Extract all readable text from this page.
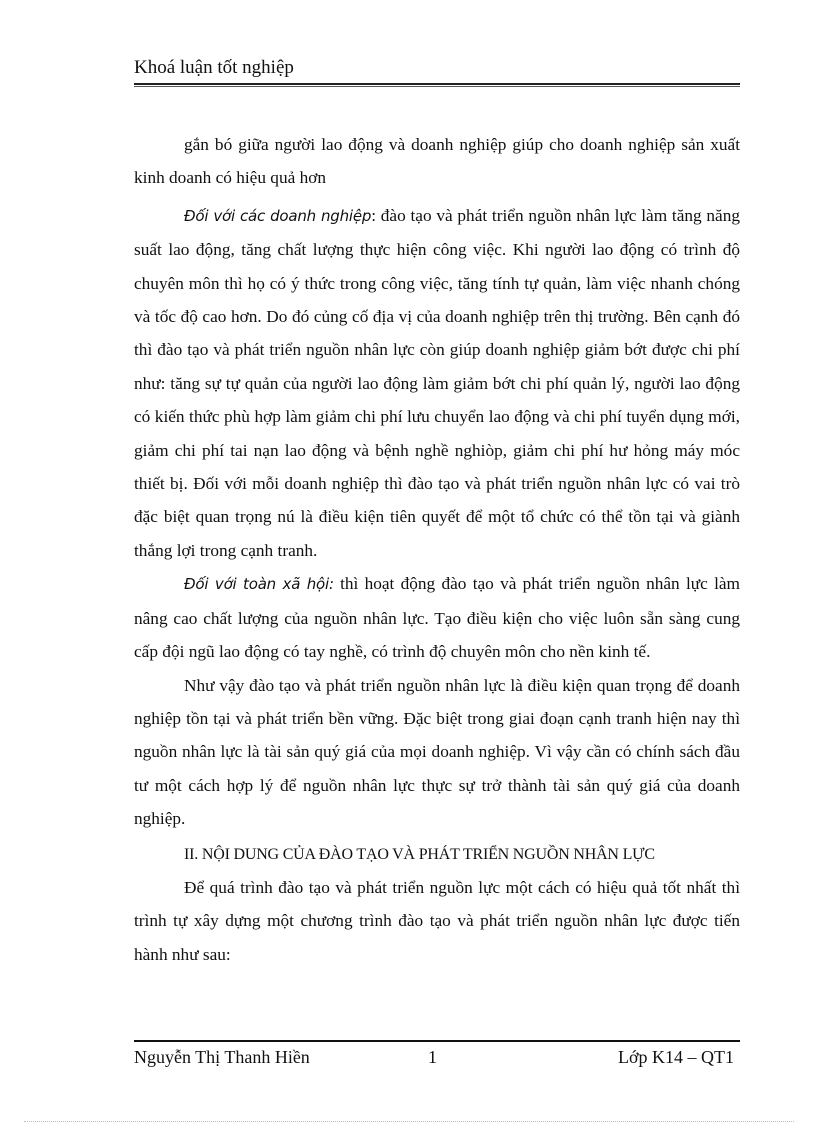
Khoá luận tốt nghiệp

gắn bó giữa người lao động và doanh nghiệp giúp cho doanh nghiệp sản xuất kinh doanh có hiệu quả hơn

Đối với các doanh nghiệp: đào tạo và phát triển nguồn nhân lực làm tăng năng suất lao động, tăng chất lượng thực hiện công việc. Khi người lao động có trình độ chuyên môn thì họ có ý thức trong công việc, tăng tính tự quản, làm việc nhanh chóng và tốc độ cao hơn. Do đó củng cố địa vị của doanh nghiệp trên thị trường. Bên cạnh đó thì đào tạo và phát triển nguồn nhân lực còn giúp doanh nghiệp giảm bớt được chi phí như: tăng sự tự quản của người lao động làm giảm bớt chi phí quản lý, người lao động có kiến thức phù hợp làm giảm chi phí lưu chuyển lao động và chi phí tuyển dụng mới, giảm chi phí tai nạn lao động và bệnh nghề nghiòp, giảm chi phí hư hỏng máy móc thiết bị. Đối với mỗi doanh nghiệp thì đào tạo và phát triển nguồn nhân lực có vai trò đặc biệt quan trọng nú là điều kiện tiên quyết để một tổ chức có thể tồn tại và giành thắng lợi trong cạnh tranh.

Đối với toàn xã hội: thì hoạt động đào tạo và phát triển nguồn nhân lực làm nâng cao chất lượng của nguồn nhân lực. Tạo điều kiện cho việc luôn sẵn sàng cung cấp đội ngũ lao động có tay nghề, có trình độ chuyên môn cho nền kinh tế.

Như vậy đào tạo và phát triển nguồn nhân lực là điều kiện quan trọng để doanh nghiệp tồn tại và phát triển bền vững. Đặc biệt trong giai đoạn cạnh tranh hiện nay thì nguồn nhân lực là tài sản quý giá của mọi doanh nghiệp. Vì vậy cần có chính sách đầu tư một cách hợp lý để nguồn nhân lực thực sự trở thành tài sản quý giá của doanh nghiệp.

II. NỘI DUNG CỦA ĐÀO TẠO VÀ PHÁT TRIỂN NGUỒN NHÂN LỰC

Để quá trình đào tạo và phát triển nguồn lực một cách có hiệu quả tốt nhất thì trình tự xây dựng một chương trình đào tạo và phát triển nguồn nhân lực được tiến hành như sau:

Nguyễn Thị Thanh Hiền	1	Lớp K14 – QT1
